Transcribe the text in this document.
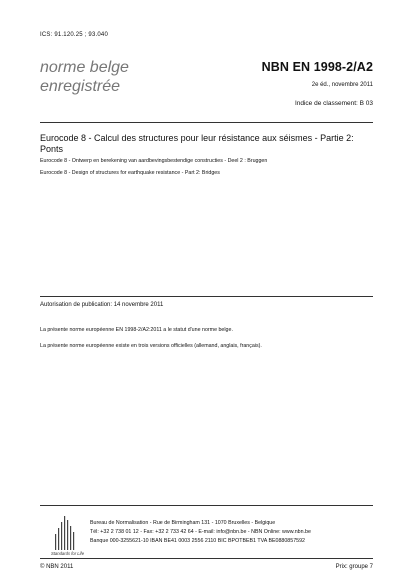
ICS: 91.120.25 ; 93.040
norme belge
enregistrée
NBN EN 1998-2/A2
2e éd., novembre 2011
Indice de classement: B 03
Eurocode 8 - Calcul des structures pour leur résistance aux séismes - Partie 2: Ponts
Eurocode 8 - Ontwerp en berekening van aardbevingsbestendige constructies - Deel 2 : Bruggen
Eurocode 8 - Design of structures for earthquake resistance - Part 2: Bridges
Autorisation de publication: 14 novembre 2011
La présente norme européenne EN 1998-2/A2:2011 a le statut d'une norme belge.
La présente norme européenne existe en trois versions officielles (allemand, anglais, français).
Standards for Life
Bureau de Normalisation - Rue de Birmingham 131 - 1070 Bruxelles - Belgique
Tél: +32 2 738 01 12 - Fax: +32 2 733 42 64 - E-mail: info@nbn.be - NBN Online: www.nbn.be
Banque 000-3255621-10 IBAN BE41 0003 2556 2110 BIC BPOTBEB1 TVA BE0880857592
© NBN 2011	Prix: groupe 7
